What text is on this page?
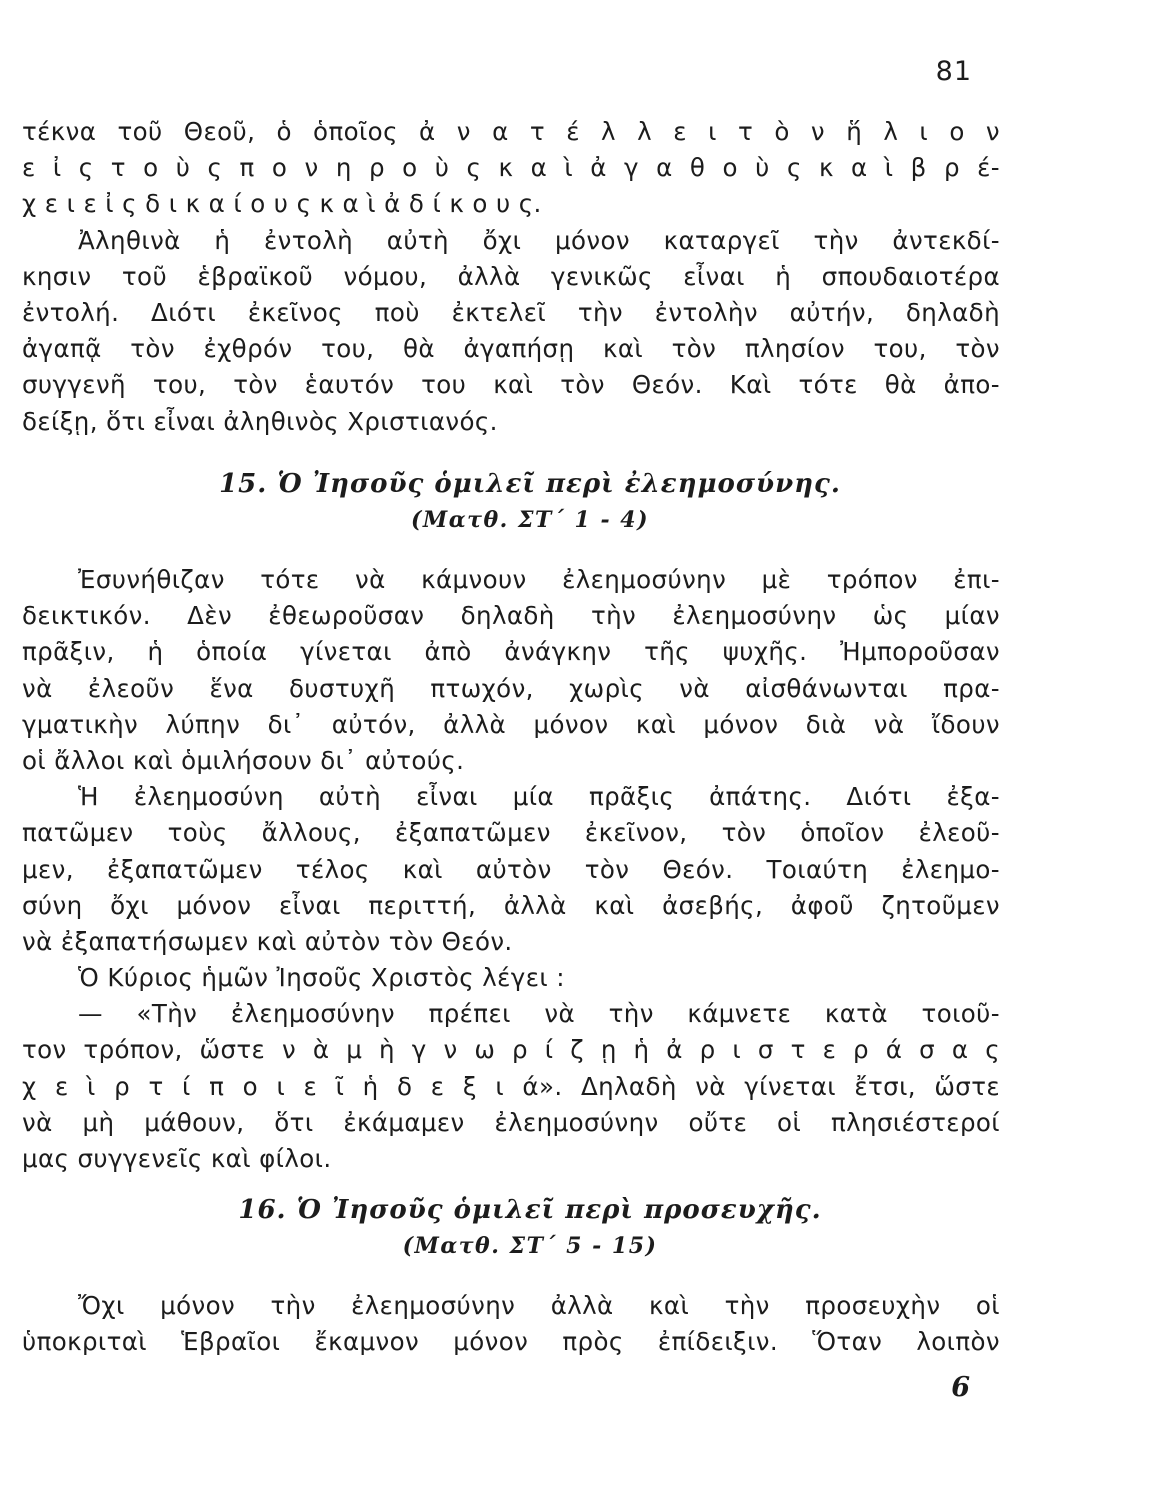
81
τέκνα τοῦ Θεοῦ, ὁ ὁποῖος ἀ ν α τ έ λ λ ε ι τ ὸ ν ἥ λ ι ο ν
ε ἰ ς τ ο ὺ ς π ο ν η ρ ο ὺ ς κ α ὶ ἀ γ α θ ο ὺ ς κ α ὶ β ρ έ-
χ ε ι ε ἰ ς δ ι κ α ί ο υ ς κ α ὶ ἀ δ ί κ ο υ ς.
Ἀληθινὰ ἡ ἐντολὴ αὐτὴ ὄχι μόνον καταργεῖ τὴν ἀντεκδί-
κησιν τοῦ ἑβραϊκοῦ νόμου, ἀλλὰ γενικῶς εἶναι ἡ σπουδαιοτέρα
ἐντολή. Διότι ἐκεῖνος ποὺ ἐκτελεῖ τὴν ἐντολὴν αὐτήν, δηλαδὴ
ἀγαπᾷ τὸν ἐχθρόν του, θὰ ἀγαπήσῃ καὶ τὸν πλησίον του, τὸν
συγγενῆ του, τὸν ἑαυτόν του καὶ τὸν Θεόν. Καὶ τότε θὰ ἀπο-
δείξῃ, ὅτι εἶναι ἀληθινὸς Χριστιανός.
15. Ὁ Ἰησοῦς ὁμιλεῖ περὶ ἐλεημοσύνης.
(Ματθ. ΣΤ΄ 1 - 4)
Ἐσυνήθιζαν τότε νὰ κάμνουν ἐλεημοσύνην μὲ τρόπον ἐπι-
δεικτικόν. Δὲν ἐθεωροῦσαν δηλαδὴ τὴν ἐλεημοσύνην ὡς μίαν
πρᾶξιν, ἡ ὁποία γίνεται ἀπὸ ἀνάγκην τῆς ψυχῆς. Ἠμποροῦσαν
νὰ ἐλεοῦν ἕνα δυστυχῆ πτωχόν, χωρὶς νὰ αἰσθάνωνται πρα-
γματικὴν λύπην δι᾽ αὐτόν, ἀλλὰ μόνον καὶ μόνον διὰ νὰ ἴδουν
οἱ ἄλλοι καὶ ὁμιλήσουν δι᾽ αὐτούς.
Ἡ ἐλεημοσύνη αὐτὴ εἶναι μία πρᾶξις ἀπάτης. Διότι ἐξα-
πατῶμεν τοὺς ἄλλους, ἐξαπατῶμεν ἐκεῖνον, τὸν ὁποῖον ἐλεοῦ-
μεν, ἐξαπατῶμεν τέλος καὶ αὐτὸν τὸν Θεόν. Τοιαύτη ἐλεημο-
σύνη ὄχι μόνον εἶναι περιττή, ἀλλὰ καὶ ἀσεβής, ἀφοῦ ζητοῦμεν
νὰ ἐξαπατήσωμεν καὶ αὐτὸν τὸν Θεόν.
Ὁ Κύριος ἡμῶν Ἰησοῦς Χριστὸς λέγει :
— «Τὴν ἐλεημοσύνην πρέπει νὰ τὴν κάμνετε κατὰ τοιοῦ-
τον τρόπον, ὥστε ν ὰ μ ὴ γ ν ω ρ ί ζ ῃ ἡ ἀ ρ ι σ τ ε ρ ά σ α ς
χ ε ὶ ρ τ ί π ο ι ε ῖ ἡ δ ε ξ ι ά». Δηλαδὴ νὰ γίνεται ἔτσι, ὥστε
νὰ μὴ μάθουν, ὅτι ἐκάμαμεν ἐλεημοσύνην οὔτε οἱ πλησιέστεροί
μας συγγενεῖς καὶ φίλοι.
16. Ὁ Ἰησοῦς ὁμιλεῖ περὶ προσευχῆς.
(Ματθ. ΣΤ΄ 5 - 15)
Ὄχι μόνον τὴν ἐλεημοσύνην ἀλλὰ καὶ τὴν προσευχὴν οἱ
ὑποκριταὶ Ἑβραῖοι ἔκαμνον μόνον πρὸς ἐπίδειξιν. Ὅταν λοιπὸν
6
